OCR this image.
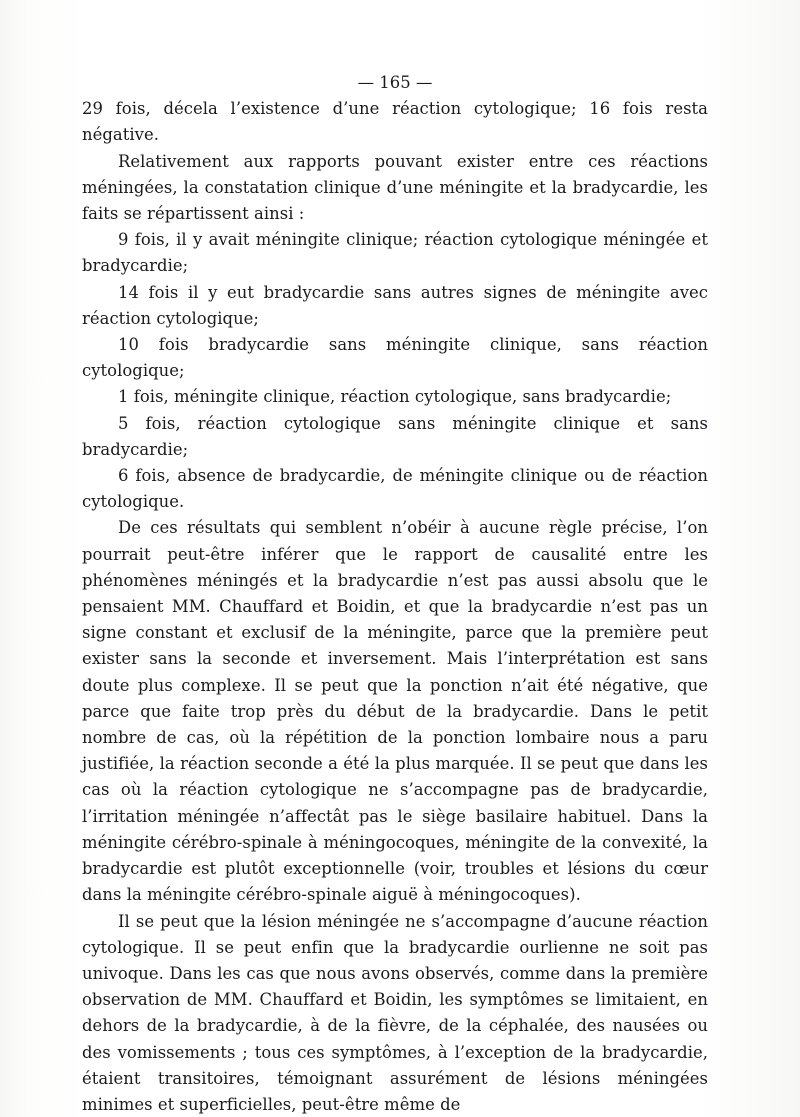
— 165 —

29 fois, décela l’existence d’une réaction cytologique; 16 fois resta négative.

Relativement aux rapports pouvant exister entre ces réactions méningées, la constatation clinique d’une méningite et la bradycardie, les faits se répartissent ainsi :

9 fois, il y avait méningite clinique; réaction cytologique méningée et bradycardie;

14 fois il y eut bradycardie sans autres signes de méningite avec réaction cytologique;

10 fois bradycardie sans méningite clinique, sans réaction cytologique;

1 fois, méningite clinique, réaction cytologique, sans bradycardie;

5 fois, réaction cytologique sans méningite clinique et sans bradycardie;

6 fois, absence de bradycardie, de méningite clinique ou de réaction cytologique.

De ces résultats qui semblent n’obéir à aucune règle précise, l’on pourrait peut-être inférer que le rapport de causalité entre les phénomènes méningés et la bradycardie n’est pas aussi absolu que le pensaient MM. Chauffard et Boidin, et que la bradycardie n’est pas un signe constant et exclusif de la méningite, parce que la première peut exister sans la seconde et inversement. Mais l’interprétation est sans doute plus complexe. Il se peut que la ponction n’ait été négative, que parce que faite trop près du début de la bradycardie. Dans le petit nombre de cas, où la répétition de la ponction lombaire nous a paru justifiée, la réaction seconde a été la plus marquée. Il se peut que dans les cas où la réaction cytologique ne s’accompagne pas de bradycardie, l’irritation méningée n’affectât pas le siège basilaire habituel. Dans la méningite cérébro-spinale à méningocoques, méningite de la convexité, la bradycardie est plutôt exceptionnelle (voir, troubles et lésions du cœur dans la méningite cérébro-spinale aiguë à méningocoques).

Il se peut que la lésion méningée ne s’accompagne d’aucune réaction cytologique. Il se peut enfin que la bradycardie ourlienne ne soit pas univoque. Dans les cas que nous avons observés, comme dans la première observation de MM. Chauffard et Boidin, les symptômes se limitaient, en dehors de la bradycardie, à de la fièvre, de la céphalée, des nausées ou des vomissements ; tous ces symptômes, à l’exception de la bradycardie, étaient transitoires, témoignant assurément de lésions méningées minimes et superficielles, peut-être même de
